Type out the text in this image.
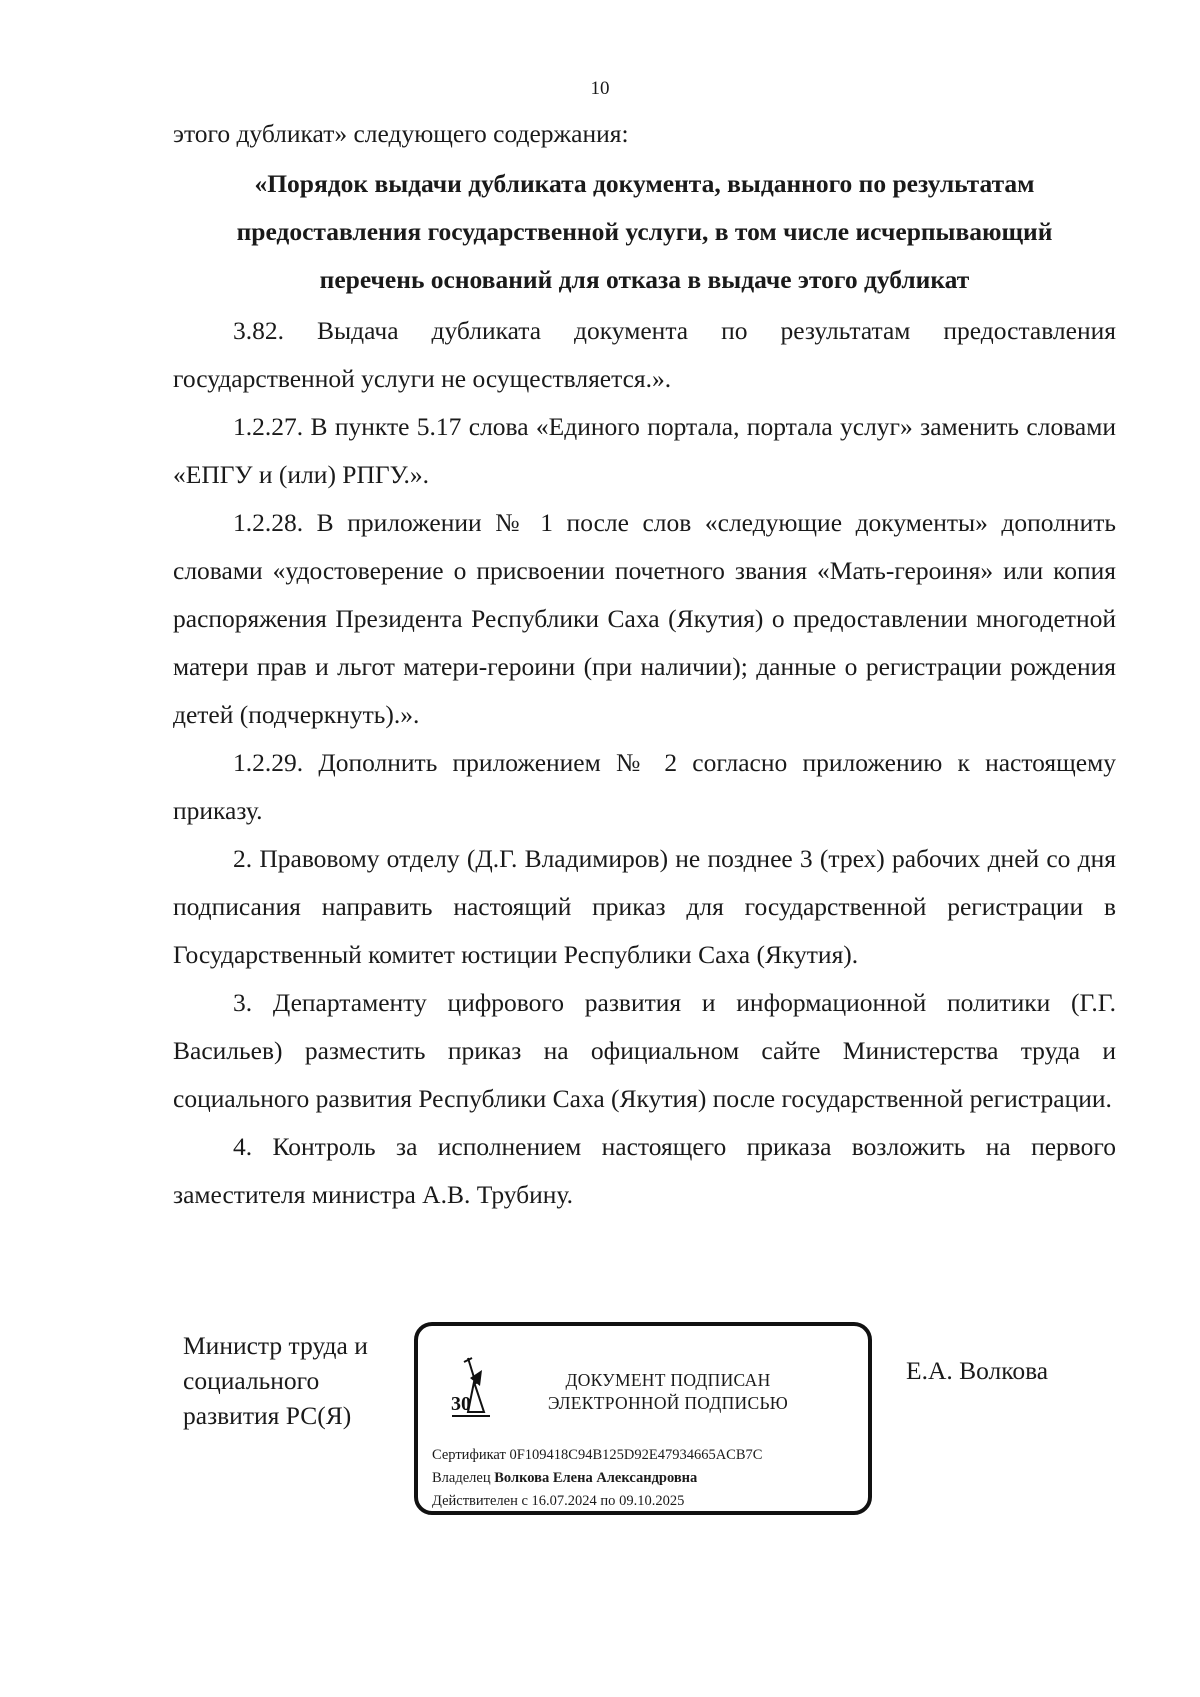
10
этого дубликат» следующего содержания:
«Порядок выдачи дубликата документа, выданного по результатам
предоставления государственной услуги, в том числе исчерпывающий
перечень оснований для отказа в выдаче этого дубликат

3.82. Выдача дубликата документа по результатам предоставления государственной услуги не осуществляется.».

1.2.27. В пункте 5.17 слова «Единого портала, портала услуг» заменить словами «ЕПГУ и (или) РПГУ.».

1.2.28. В приложении № 1 после слов «следующие документы» дополнить словами «удостоверение о присвоении почетного звания «Мать-героиня» или копия распоряжения Президента Республики Саха (Якутия) о предоставлении многодетной матери прав и льгот матери-героини (при наличии); данные о регистрации рождения детей (подчеркнуть).».

1.2.29. Дополнить приложением № 2 согласно приложению к настоящему приказу.

2. Правовому отделу (Д.Г. Владимиров) не позднее 3 (трех) рабочих дней со дня подписания направить настоящий приказ для государственной регистрации в Государственный комитет юстиции Республики Саха (Якутия).

3. Департаменту цифрового развития и информационной политики (Г.Г. Васильев) разместить приказ на официальном сайте Министерства труда и социального развития Республики Саха (Якутия) после государственной регистрации.

4. Контроль за исполнением настоящего приказа возложить на первого заместителя министра А.В. Трубину.

Министр труда и
социального
развития РС(Я)	30
ДОКУМЕНТ ПОДПИСАН
ЭЛЕКТРОННОЙ ПОДПИСЬЮ
Сертификат 0F109418C94B125D92E47934665ACB7C
Владелец Волкова Елена Александровна
Действителен с 16.07.2024 по 09.10.2025
Е.А. Волкова
